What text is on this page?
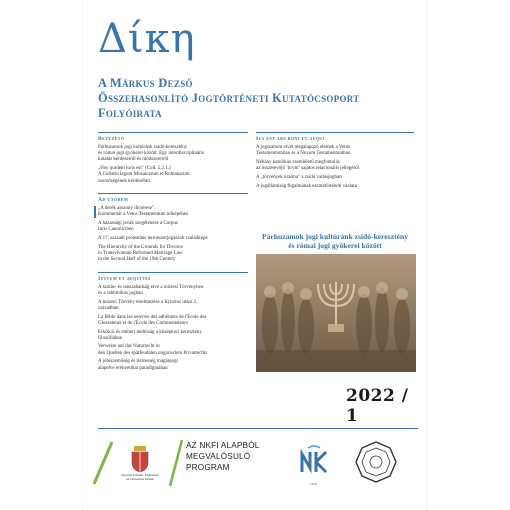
Δίκη
A Márkus Dezső
Összehasonlító Jogtörténeti Kutatócsoport
Folyóirata
Bevezető
Párhuzamok jogi kultúránk zsidó-keresztény
és római jogi gyökerei között. Egy interdiszciplináris
kutatás kérdéseiről és módszereiről
„Hoc quidem iuris est" (Coll. 5.2.1.)
A Collatio legum Mosaicarum et Romanarum
szerzőségének kérdéséhez
Ad uxorem
„A derék asszony dicsérete".
Kommentár a Vetus Testamentum nőképéhez
A házassági javak szegélenése a Corpus
Iuris Canoniciben
A 17. századi protestáns természetjogászok családképe
The Hierarchy of the Grounds for Divorce
in Transylvanian Reformed Marriage Law
in the Second Half of the 19th Century
Iustum et aequitas
A szolás- és tanszabadság elve a mózesi Törvényben
és a rabbinikus jogban
A mózesi Törvény értelmezése a Krisztus utáni 2.
században
La Bible dans les oeuvres des adhérants de l'École des
Glossateurs et de l'École des Commentateurs
Erkölcsi és emberi méltóság a középkori keresztény
filozófiában
Verweise auf das Naturrecht in
den Quellen des spätfeudalen ungarischen Privatrechts
A jóhiszeműség és tisztesség magánjogi
alapelve erényetikai paradigmában
Ius est ars boni et aequi
A jogszabom elvét megalapozó elemek a Vetus
Testamentumban és a Novum Testamentumban
Néhány katolikus szemléletű megfontolás
az összetevőjű ‘ḥrym’ sajátos relacionális jellegéről
A „törvények uralma" a zsidó vallásjogban
A jogállamiság fogalmának eszmetörténeti vázlata
Párhuzamok jogi kultúránk zsidó-keresztény
és római jogi gyökerei között
2022 / 1
Nemzeti Kutatási, Fejlesztési
és Innovációs Hivatal
AZ NKFI ALAPBÓL
MEGVALÓSULÓ
PROGRAM
NKIK
